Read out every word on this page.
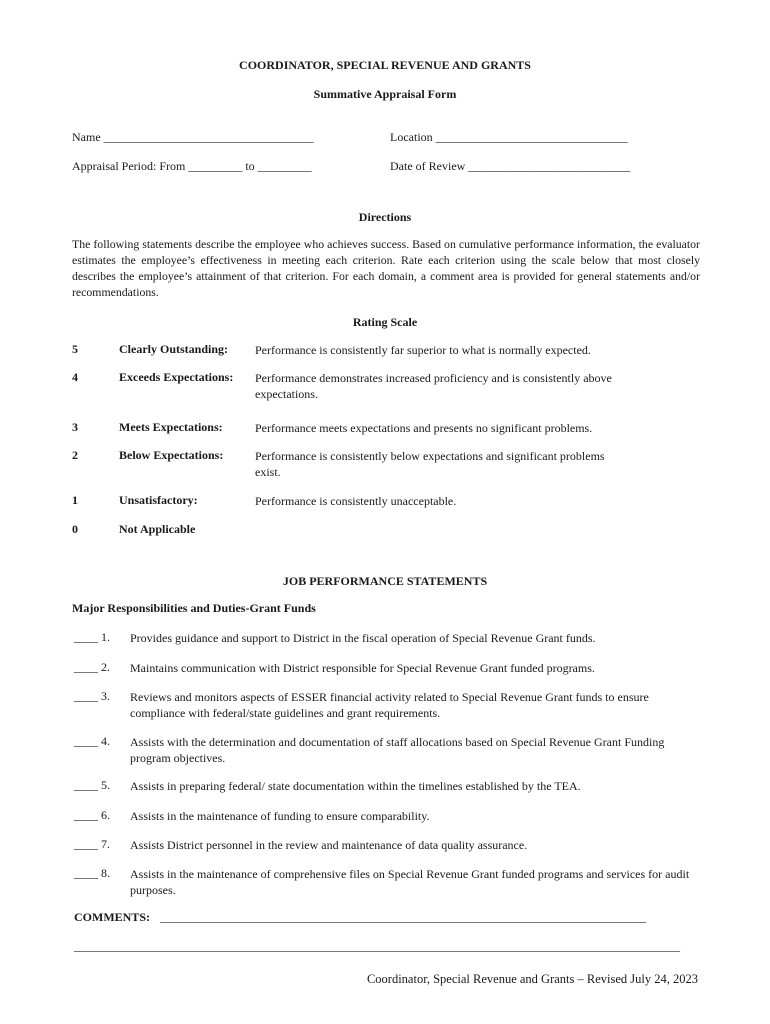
COORDINATOR, SPECIAL REVENUE AND GRANTS
Summative Appraisal Form
Name ___________________________________	Location ________________________________
Appraisal Period: From _________ to _________	Date of Review ___________________________
Directions
The following statements describe the employee who achieves success. Based on cumulative performance information, the evaluator estimates the employee’s effectiveness in meeting each criterion. Rate each criterion using the scale below that most closely describes the employee’s attainment of that criterion. For each domain, a comment area is provided for general statements and/or recommendations.
Rating Scale
5	Clearly Outstanding: Performance is consistently far superior to what is normally expected.
4	Exceeds Expectations: Performance demonstrates increased proficiency and is consistently above expectations.
3	Meets Expectations:	Performance meets expectations and presents no significant problems.
2	Below Expectations:	Performance is consistently below expectations and significant problems exist.
1	Unsatisfactory:	Performance is consistently unacceptable.
0	Not Applicable
JOB PERFORMANCE STATEMENTS
Major Responsibilities and Duties-Grant Funds
____ 1. Provides guidance and support to District in the fiscal operation of Special Revenue Grant funds.
____ 2. Maintains communication with District responsible for Special Revenue Grant funded programs.
____ 3. Reviews and monitors aspects of ESSER financial activity related to Special Revenue Grant funds to ensure compliance with federal/state guidelines and grant requirements.
____ 4. Assists with the determination and documentation of staff allocations based on Special Revenue Grant Funding program objectives.
____ 5. Assists in preparing federal/ state documentation within the timelines established by the TEA.
____ 6. Assists in the maintenance of funding to ensure comparability.
____ 7. Assists District personnel in the review and maintenance of data quality assurance.
____ 8. Assists in the maintenance of comprehensive files on Special Revenue Grant funded programs and services for audit purposes.
COMMENTS: _________________________________________________________________________________
_____________________________________________________________________________________________________
Coordinator, Special Revenue and Grants – Revised July 24, 2023
